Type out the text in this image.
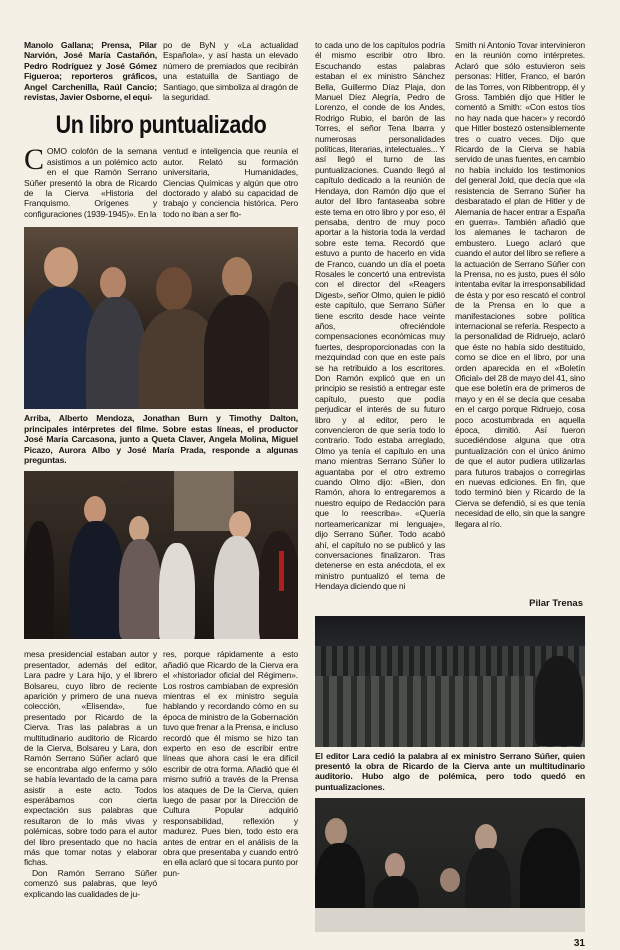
Manolo Gallana; Prensa, Pilar Narvión, José María Castañón, Pedro Rodríguez y José Gómez Figueroa; reporteros gráficos, Angel Carchenilla, Raúl Cancio; revistas, Javier Osborne, el equi-
po de ByN y «La actualidad Española», y así hasta un elevado número de premiados que recibirán una estatuilla de Santiago de Santiago, que simboliza al dragón de la seguridad.
Un libro puntualizado
COMO colofón de la semana asistimos a un polémico acto en el que Ramón Serrano Súñer presentó la obra de Ricardo de la Cierva «Historia del Franquismo. Orígenes y configuraciones (1939-1945)». En la
ventud e inteligencia que reunía el autor. Relató su formación universitaria, Humanidades, Ciencias Químicas y algún que otro doctorado y alabó su capacidad de trabajo y conciencia histórica. Pero todo no iban a ser flo-
Arriba, Alberto Mendoza, Jonathan Burn y Timothy Dalton, principales intérpretes del filme. Sobre estas líneas, el productor José María Carcasona, junto a Queta Claver, Angela Molina, Miguel Picazo, Aurora Albo y José María Prada, responde a algunas preguntas.

mesa presidencial estaban autor y presentador, además del editor, Lara padre y Lara hijo, y el librero Bolsareu, cuyo libro de reciente aparición y primero de una nueva colección, «Elisenda», fue presentado por Ricardo de la Cierva. Tras las palabras a un multitudinario auditorio de Ricardo de la Cierva, Bolsareu y Lara, don Ramón Serrano Súñer aclaró que se encontraba algo enfermo y sólo se había levantado de la cama para asistir a este acto. Todos esperábamos con cierta expectación sus palabras que resultaron de lo más vivas y polémicas, sobre todo para el autor del libro presentado que no hacía más que tomar notas y elaborar fichas.

Don Ramón Serrano Súñer comenzó sus palabras, que leyó explicando las cualidades de ju-

res, porque rápidamente a esto añadió que Ricardo de la Cierva era el «historiador oficial del Régimen». Los rostros cambiaban de expresión mientras el ex ministro seguía hablando y recordando cómo en su época de ministro de la Gobernación tuvo que frenar a la Prensa, e incluso recordó que él mismo se hizo tan experto en eso de escribir entre líneas que ahora casi le era difícil escribir de otra forma. Añadió que él mismo sufrió a través de la Prensa los ataques de De la Cierva, quien luego de pasar por la Dirección de Cultura Popular adquirió responsabilidad, reflexión y madurez. Pues bien, todo esto era antes de entrar en el análisis de la obra que presentaba y cuando entró en ella aclaró que si tocara punto por pun-
to cada uno de los capítulos podría él mismo escribir otro libro. Escuchando estas palabras estaban el ex ministro Sánchez Bella, Guillermo Díaz Plaja, don Manuel Díez Alegría, Pedro de Lorenzo, el conde de los Andes, Rodrigo Rubio, el barón de las Torres, el señor Tena Ibarra y numerosas personalidades políticas, literarias, intelectuales... Y así llegó el turno de las puntualizaciones. Cuando llegó al capítulo dedicado a la reunión de Hendaya, don Ramón dijo que el autor del libro fantaseaba sobre este tema en otro libro y por eso, él pensaba, dentro de muy poco aportar a la historia toda la verdad sobre este tema. Recordó que estuvo a punto de hacerlo en vida de Franco, cuando un día el poeta Rosales le concertó una entrevista con el director del «Reagers Digest», señor Olmo, quien le pidió este capítulo, que Serrano Súñer tiene escrito desde hace veinte años, ofreciéndole compensaciones económicas muy fuertes, desproporcionadas con la mezquindad con que en este país se ha retribuido a los escritores. Don Ramón explicó que en un principio se resistió a entregar este capítulo, puesto que podía perjudicar el interés de su futuro libro y al editor, pero le convencieron de que sería todo lo contrario. Todo estaba arreglado, Olmo ya tenía el capítulo en una mano mientras Serrano Súñer lo aguantaba por el otro extremo cuando Olmo dijo: «Bien, don Ramón, ahora lo entregaremos a nuestro equipo de Redacción para que lo reescriba». «Quería norteamericanizar mi lenguaje», dijo Serrano Súñer. Todo acabó ahí, el capítulo no se publicó y las conversaciones finalizaron. Tras detenerse en esta anécdota, el ex ministro puntualizó el tema de Hendaya diciendo que ni
Smith ni Antonio Tovar intervinieron en la reunión como intérpretes. Aclaró que sólo estuvieron seis personas: Hitler, Franco, el barón de las Torres, von Ribbentropp, él y Gross. También dijo que Hitler le comentó a Smith: «Con estos tíos no hay nada que hacer» y recordó que Hitler bostezó ostensiblemente tres o cuatro veces. Dijo que Ricardo de la Cierva se había servido de unas fuentes, en cambio no había incluido los testimonios del general Jold, que decía que «la resistencia de Serrano Súñer ha desbaratado el plan de Hitler y de Alemania de hacer entrar a España en guerra». También añadió que los alemanes le tacharon de embustero. Luego aclaró que cuando el autor del libro se refiere a la actuación de Serrano Súñer con la Prensa, no es justo, pues él sólo intentaba evitar la irresponsabilidad de ésta y por eso rescató el control de la Prensa en lo que a manifestaciones sobre política internacional se refería. Respecto a la personalidad de Ridruejo, aclaró que éste no había sido destituido, como se dice en el libro, por una orden aparecida en el «Boletín Oficial» del 28 de mayo del 41, sino que ese boletín era de primeros de mayo y en él se decía que cesaba en el cargo porque Ridruejo, cosa poco acostumbrada en aquella época, dimitió. Así fueron sucediéndose alguna que otra puntualización con el único ánimo de que el autor pudiera utilizarlas para futuros trabajos o corregirlas en nuevas ediciones. En fin, que todo terminó bien y Ricardo de la Cierva se defendió, si es que tenía necesidad de ello, sin que la sangre llegara al río.
Pilar Trenas
El editor Lara cedió la palabra al ex ministro Serrano Súñer, quien presentó la obra de Ricardo de la Cierva ante un multitudinario auditorio. Hubo algo de polémica, pero todo quedó en puntualizaciones.
31
